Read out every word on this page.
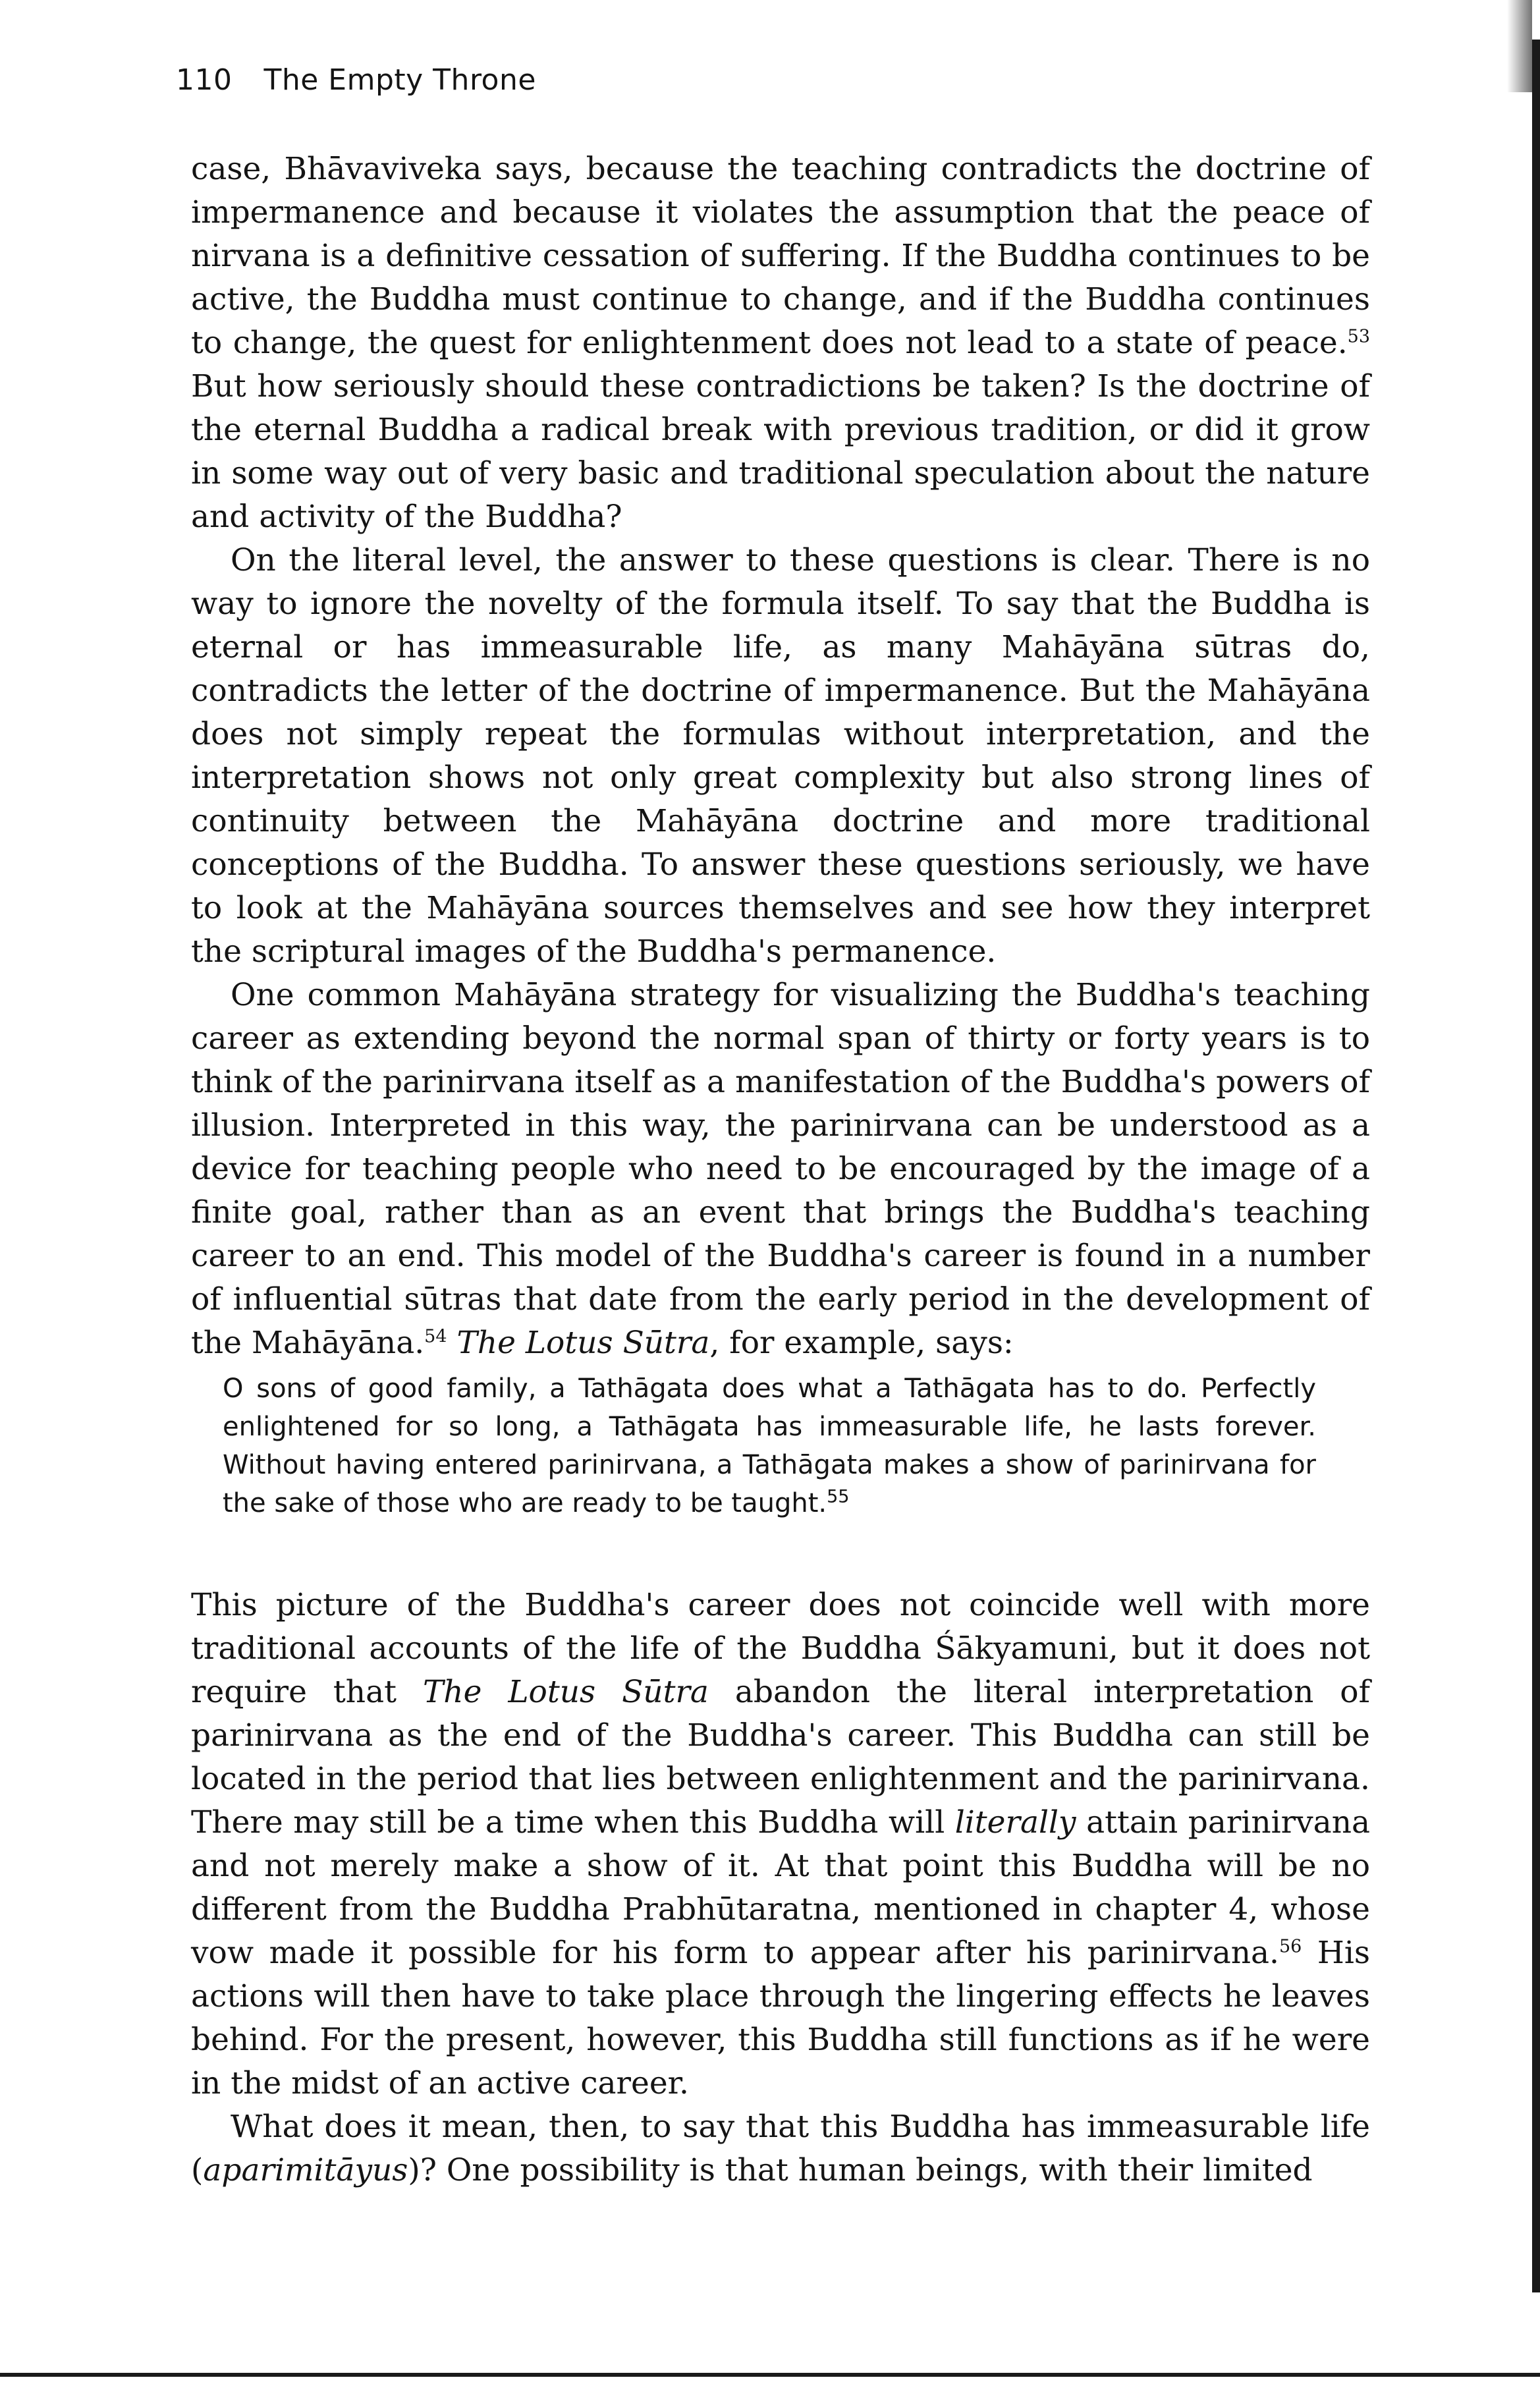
110 The Empty Throne

case, Bhāvaviveka says, because the teaching contradicts the doctrine of impermanence and because it violates the assumption that the peace of nirvana is a definitive cessation of suffering. If the Buddha continues to be active, the Buddha must continue to change, and if the Buddha continues to change, the quest for enlightenment does not lead to a state of peace.$^{53}$ But how seriously should these contradictions be taken? Is the doctrine of the eternal Buddha a radical break with previous tradition, or did it grow in some way out of very basic and traditional speculation about the nature and activity of the Buddha?

On the literal level, the answer to these questions is clear. There is no way to ignore the novelty of the formula itself. To say that the Buddha is eternal or has immeasurable life, as many Mahāyāna sūtras do, contradicts the letter of the doctrine of impermanence. But the Mahāyāna does not simply repeat the formulas without interpretation, and the interpretation shows not only great complexity but also strong lines of continuity between the Mahāyāna doctrine and more traditional conceptions of the Buddha. To answer these questions seriously, we have to look at the Mahāyāna sources themselves and see how they interpret the scriptural images of the Buddha's permanence.

One common Mahāyāna strategy for visualizing the Buddha's teaching career as extending beyond the normal span of thirty or forty years is to think of the parinirvana itself as a manifestation of the Buddha's powers of illusion. Interpreted in this way, the parinirvana can be understood as a device for teaching people who need to be encouraged by the image of a finite goal, rather than as an event that brings the Buddha's teaching career to an end. This model of the Buddha's career is found in a number of influential sūtras that date from the early period in the development of the Mahāyāna.$^{54}$ The Lotus Sūtra, for example, says:

O sons of good family, a Tathāgata does what a Tathāgata has to do. Perfectly enlightened for so long, a Tathāgata has immeasurable life, he lasts forever. Without having entered parinirvana, a Tathāgata makes a show of parinirvana for the sake of those who are ready to be taught.$^{55}$

This picture of the Buddha's career does not coincide well with more traditional accounts of the life of the Buddha Śākyamuni, but it does not require that The Lotus Sūtra abandon the literal interpretation of parinirvana as the end of the Buddha's career. This Buddha can still be located in the period that lies between enlightenment and the parinirvana. There may still be a time when this Buddha will literally attain parinirvana and not merely make a show of it. At that point this Buddha will be no different from the Buddha Prabhūtaratna, mentioned in chapter 4, whose vow made it possible for his form to appear after his parinirvana.$^{56}$ His actions will then have to take place through the lingering effects he leaves behind. For the present, however, this Buddha still functions as if he were in the midst of an active career.

What does it mean, then, to say that this Buddha has immeasurable life (aparimitāyus)? One possibility is that human beings, with their limited
